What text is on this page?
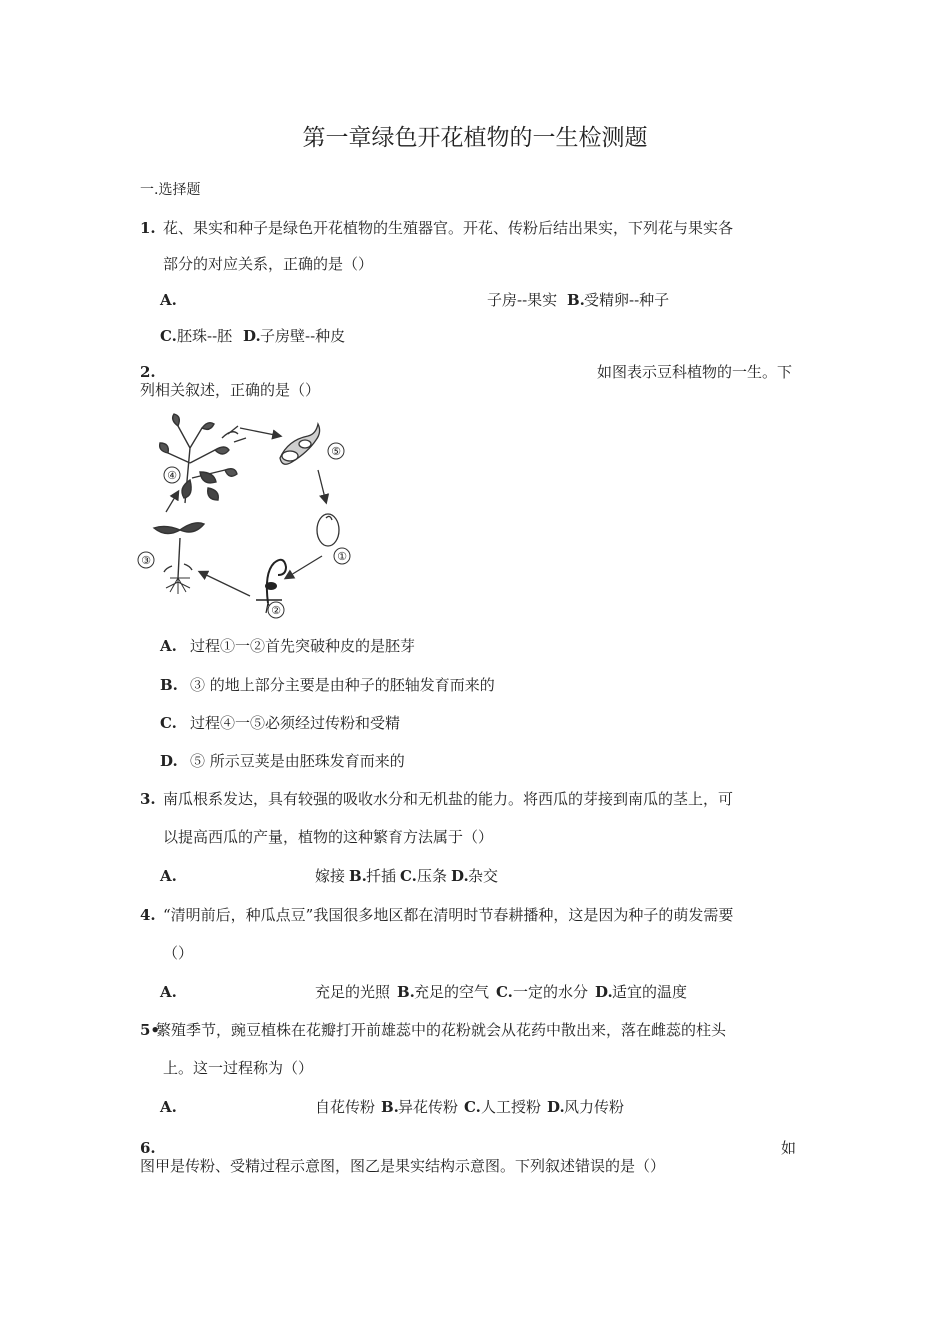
第一章绿色开花植物的一生检测题
一.选择题
1. 花、果实和种子是绿色开花植物的生殖器官。开花、传粉后结出果实，下列花与果实各
部分的对应关系，正确的是（）
A.	子房--果实 B. 受精卵--种子
C. 胚珠--胚 D. 子房壁--种皮
2.	如图表示豆科植物的一生。下
列相关叙述，正确的是（）
④
⑤
①
②
③
A. 过程①一②首先突破种皮的是胚芽
B. ③ 的地上部分主要是由种子的胚轴发育而来的
C. 过程④一⑤必须经过传粉和受精
D. ⑤ 所示豆荚是由胚珠发育而来的
3. 南瓜根系发达，具有较强的吸收水分和无机盐的能力。将西瓜的芽接到南瓜的茎上，可
以提高西瓜的产量，植物的这种繁育方法属于（）
A.	嫁接 B. 扦插 C. 压条 D. 杂交
4. “清明前后，种瓜点豆”我国很多地区都在清明时节春耕播种，这是因为种子的萌发需要
（）
A.	充足的光照 B. 充足的空气 C. 一定的水分 D. 适宜的温度
5•
繁殖季节，豌豆植株在花瓣打开前雄蕊中的花粉就会从花药中散出来，落在雌蕊的柱头
上。这一过程称为（）
A.	自花传粉 B. 异花传粉 C. 人工授粉 D. 风力传粉
6.	如
图甲是传粉、受精过程示意图，图乙是果实结构示意图。下列叙述错误的是（）
